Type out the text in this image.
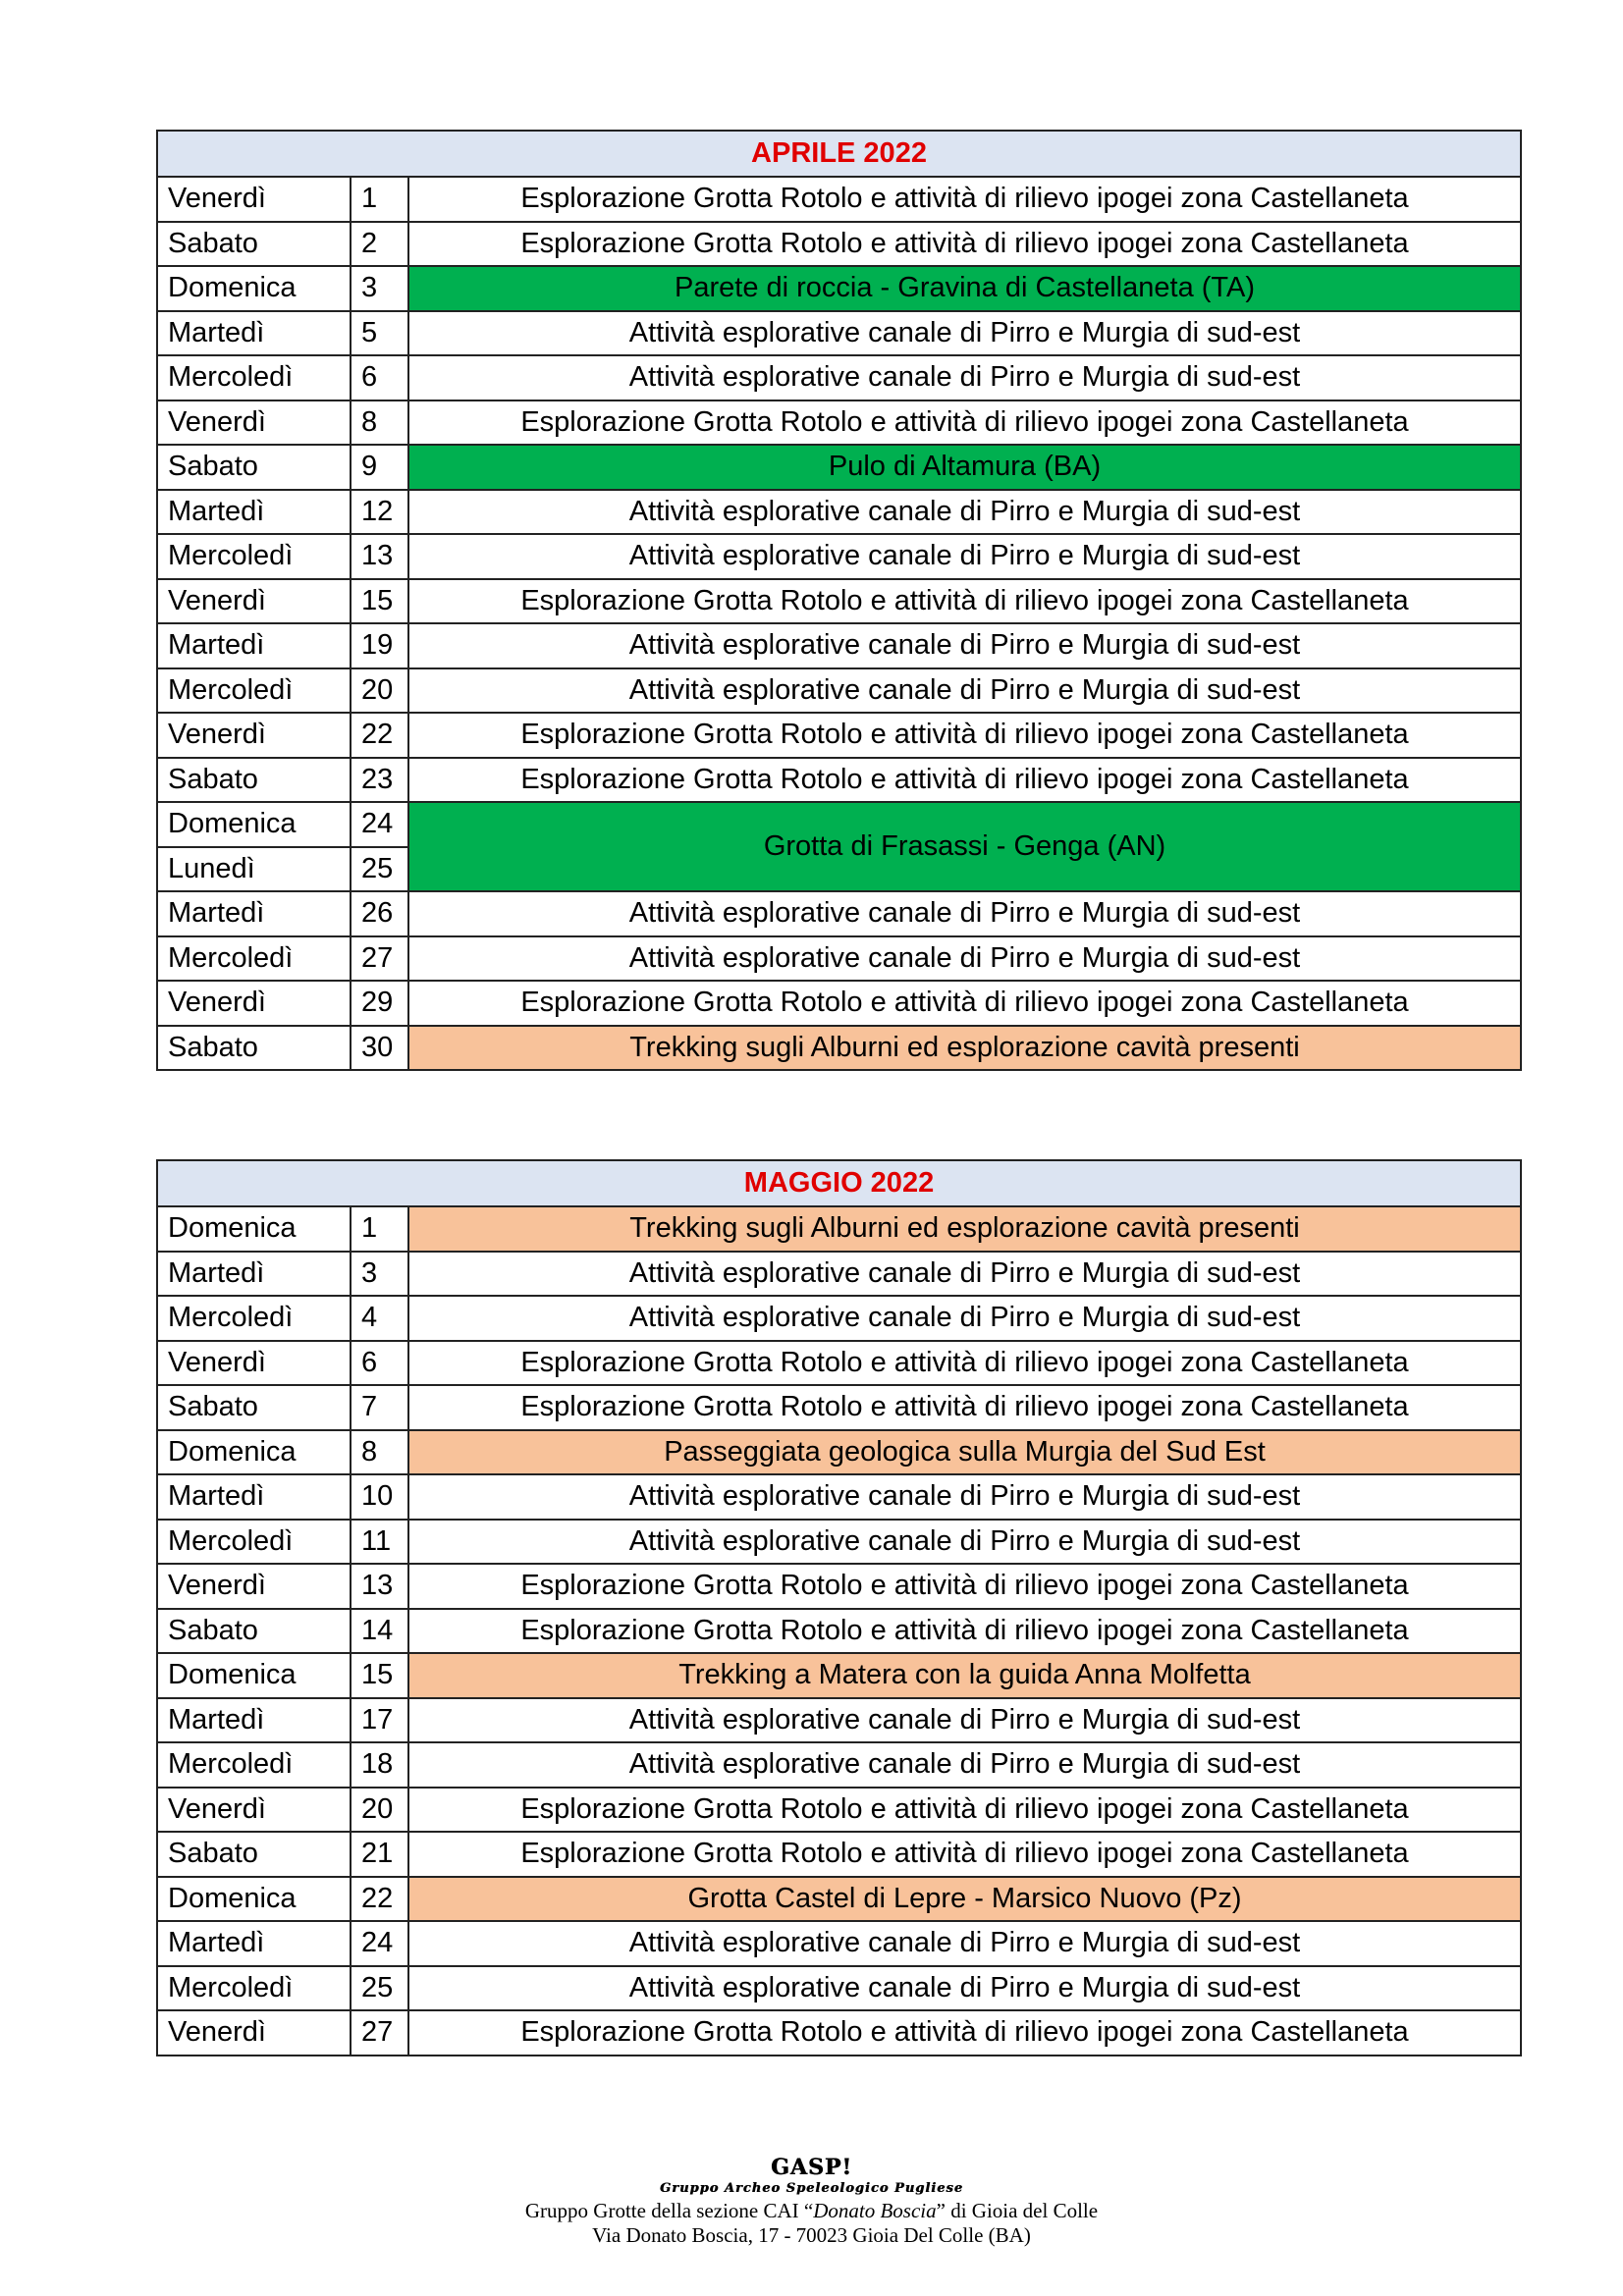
APRILE 2022		
Venerdì	1	Esplorazione Grotta Rotolo e attività di rilievo ipogei zona Castellaneta
Sabato	2	Esplorazione Grotta Rotolo e attività di rilievo ipogei zona Castellaneta
Domenica	3	Parete di roccia - Gravina di Castellaneta (TA)
Martedì	5	Attività esplorative canale di Pirro e Murgia di sud-est
Mercoledì	6	Attività esplorative canale di Pirro e Murgia di sud-est
Venerdì	8	Esplorazione Grotta Rotolo e attività di rilievo ipogei zona Castellaneta
Sabato	9	Pulo di Altamura (BA)
Martedì	12	Attività esplorative canale di Pirro e Murgia di sud-est
Mercoledì	13	Attività esplorative canale di Pirro e Murgia di sud-est
Venerdì	15	Esplorazione Grotta Rotolo e attività di rilievo ipogei zona Castellaneta
Martedì	19	Attività esplorative canale di Pirro e Murgia di sud-est
Mercoledì	20	Attività esplorative canale di Pirro e Murgia di sud-est
Venerdì	22	Esplorazione Grotta Rotolo e attività di rilievo ipogei zona Castellaneta
Sabato	23	Esplorazione Grotta Rotolo e attività di rilievo ipogei zona Castellaneta
Domenica	24	Grotta di Frasassi - Genga (AN)
Lunedì	25	
Martedì	26	Attività esplorative canale di Pirro e Murgia di sud-est
Mercoledì	27	Attività esplorative canale di Pirro e Murgia di sud-est
Venerdì	29	Esplorazione Grotta Rotolo e attività di rilievo ipogei zona Castellaneta
Sabato	30	Trekking sugli Alburni ed esplorazione cavità presenti
MAGGIO 2022		
Domenica	1	Trekking sugli Alburni ed esplorazione cavità presenti
Martedì	3	Attività esplorative canale di Pirro e Murgia di sud-est
Mercoledì	4	Attività esplorative canale di Pirro e Murgia di sud-est
Venerdì	6	Esplorazione Grotta Rotolo e attività di rilievo ipogei zona Castellaneta
Sabato	7	Esplorazione Grotta Rotolo e attività di rilievo ipogei zona Castellaneta
Domenica	8	Passeggiata geologica sulla Murgia del Sud Est
Martedì	10	Attività esplorative canale di Pirro e Murgia di sud-est
Mercoledì	11	Attività esplorative canale di Pirro e Murgia di sud-est
Venerdì	13	Esplorazione Grotta Rotolo e attività di rilievo ipogei zona Castellaneta
Sabato	14	Esplorazione Grotta Rotolo e attività di rilievo ipogei zona Castellaneta
Domenica	15	Trekking a Matera con la guida Anna Molfetta
Martedì	17	Attività esplorative canale di Pirro e Murgia di sud-est
Mercoledì	18	Attività esplorative canale di Pirro e Murgia di sud-est
Venerdì	20	Esplorazione Grotta Rotolo e attività di rilievo ipogei zona Castellaneta
Sabato	21	Esplorazione Grotta Rotolo e attività di rilievo ipogei zona Castellaneta
Domenica	22	Grotta Castel di Lepre - Marsico Nuovo (Pz)
Martedì	24	Attività esplorative canale di Pirro e Murgia di sud-est
Mercoledì	25	Attività esplorative canale di Pirro e Murgia di sud-est
Venerdì	27	Esplorazione Grotta Rotolo e attività di rilievo ipogei zona Castellaneta
GASP!
Gruppo Archeo Speleologico Pugliese
Gruppo Grotte della sezione CAI “Donato Boscia” di Gioia del Colle
Via Donato Boscia, 17 - 70023 Gioia Del Colle (BA)
